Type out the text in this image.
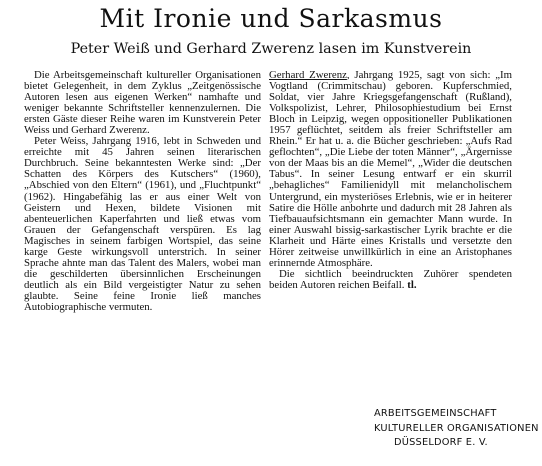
Mit Ironie und Sarkasmus
Peter Weiß und Gerhard Zwerenz lasen im Kunstverein

Die Arbeitsgemeinschaft kultureller Organisationen bietet Gelegenheit, in dem Zyklus „Zeitgenössische Autoren lesen aus eigenen Werken“ namhafte und weniger bekannte Schriftsteller kennenzulernen. Die ersten Gäste dieser Reihe waren im Kunstverein Peter Weiss und Gerhard Zwerenz.

Peter Weiss, Jahrgang 1916, lebt in Schweden und erreichte mit 45 Jahren seinen literarischen Durchbruch. Seine bekanntesten Werke sind: „Der Schatten des Körpers des Kutschers“ (1960), „Abschied von den Eltern“ (1961), und „Fluchtpunkt“ (1962). Hingabefähig las er aus einer Welt von Geistern und Hexen, bildete Visionen mit abenteuerlichen Kaperfahrten und ließ etwas vom Grauen der Gefangenschaft verspüren. Es lag Magisches in seinem farbigen Wortspiel, das seine karge Geste wirkungsvoll unterstrich. In seiner Sprache ahnte man das Talent des Malers, wobei man die geschilderten übersinnlichen Erscheinungen deutlich als ein Bild vergeistigter Natur zu sehen glaubte. Seine feine Ironie ließ manches Autobiographische vermuten.

Gerhard Zwerenz, Jahrgang 1925, sagt von sich: „Im Vogtland (Crimmitschau) geboren. Kupferschmied, Soldat, vier Jahre Kriegsgefangenschaft (Rußland), Volkspolizist, Lehrer, Philosophiestudium bei Ernst Bloch in Leipzig, wegen oppositioneller Publikationen 1957 geflüchtet, seitdem als freier Schriftsteller am Rhein.“ Er hat u. a. die Bücher geschrieben: „Aufs Rad geflochten“, „Die Liebe der toten Männer“, „Ärgernisse von der Maas bis an die Memel“, „Wider die deutschen Tabus“. In seiner Lesung entwarf er ein skurril „behagliches“ Familienidyll mit melancholischem Untergrund, ein mysteriöses Erlebnis, wie er in heiterer Satire die Hölle anbohrte und dadurch mit 28 Jahren als Tiefbauaufsichtsmann ein gemachter Mann wurde. In einer Auswahl bissig-sarkastischer Lyrik brachte er die Klarheit und Härte eines Kristalls und versetzte den Hörer zeitweise unwillkürlich in eine an Aristophanes erinnernde Atmosphäre.

Die sichtlich beeindruckten Zuhörer spendeten beiden Autoren reichen Beifall. tl.

ARBEITSGEMEINSCHAFT
KULTURELLER ORGANISATIONEN
DÜSSELDORF E. V.
